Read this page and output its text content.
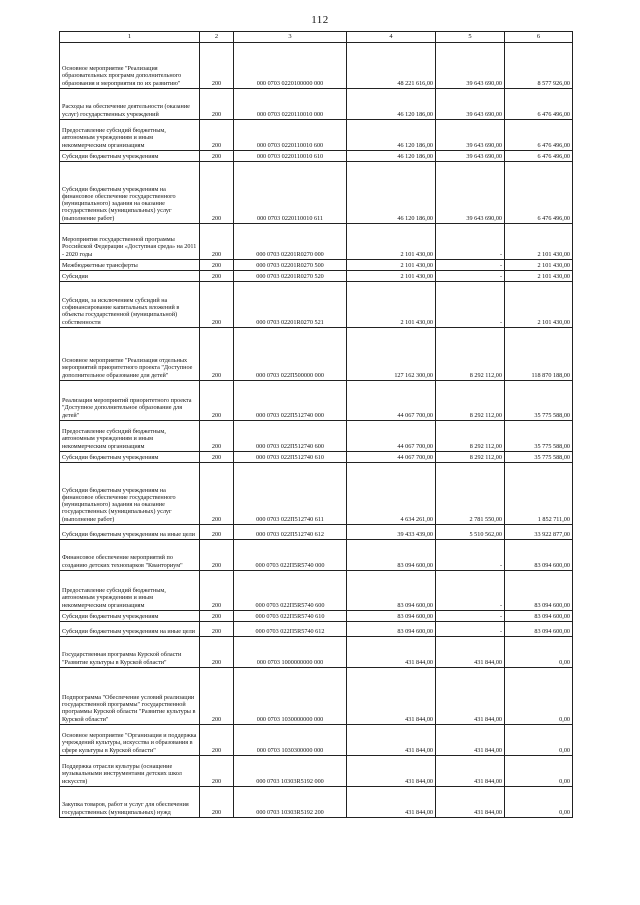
112
1	2	3	4	5	6
Основное мероприятие "Реализация образовательных программ дополнительного образования и мероприятия по их развитию"	200	000 0703 0220100000 000	48 221 616,00	39 643 690,00	8 577 926,00
Расходы на обеспечение деятельности (оказание услуг) государственных учреждений	200	000 0703 0220110010 000	46 120 186,00	39 643 690,00	6 476 496,00
Предоставление субсидий бюджетным, автономным учреждениям и иным некоммерческим организациям	200	000 0703 0220110010 600	46 120 186,00	39 643 690,00	6 476 496,00
Субсидии бюджетным учреждениям	200	000 0703 0220110010 610	46 120 186,00	39 643 690,00	6 476 496,00
Субсидии бюджетным учреждениям на финансовое обеспечение государственного (муниципального) задания на оказание государственных (муниципальных) услуг (выполнение работ)	200	000 0703 0220110010 611	46 120 186,00	39 643 690,00	6 476 496,00
Мероприятия государственной программы Российской Федерации «Доступная среда» на 2011 - 2020 годы	200	000 0703 02201R0270 000	2 101 430,00	-	2 101 430,00
Межбюджетные трансферты	200	000 0703 02201R0270 500	2 101 430,00	-	2 101 430,00
Субсидии	200	000 0703 02201R0270 520	2 101 430,00	-	2 101 430,00
Субсидии, за исключением субсидий на софинансирование капитальных вложений в объекты государственной (муниципальной) собственности	200	000 0703 02201R0270 521	2 101 430,00	-	2 101 430,00
Основное мероприятие "Реализация отдельных мероприятий приоритетного проекта "Доступное дополнительное образование для детей"	200	000 0703 022П500000 000	127 162 300,00	8 292 112,00	118 870 188,00
Реализация мероприятий приоритетного проекта "Доступное дополнительное образование для детей"	200	000 0703 022П512740 000	44 067 700,00	8 292 112,00	35 775 588,00
Предоставление субсидий бюджетным, автономным учреждениям и иным некоммерческим организациям	200	000 0703 022П512740 600	44 067 700,00	8 292 112,00	35 775 588,00
Субсидии бюджетным учреждениям	200	000 0703 022П512740 610	44 067 700,00	8 292 112,00	35 775 588,00
Субсидии бюджетным учреждениям на финансовое обеспечение государственного (муниципального) задания на оказание государственных (муниципальных) услуг (выполнение работ)	200	000 0703 022П512740 611	4 634 261,00	2 781 550,00	1 852 711,00
Субсидии бюджетным учреждениям на иные цели	200	000 0703 022П512740 612	39 433 439,00	5 510 562,00	33 922 877,00
Финансовое обеспечение мероприятий по созданию детских технопарков "Кванториум"	200	000 0703 022П5R5740 000	83 094 600,00	-	83 094 600,00
Предоставление субсидий бюджетным, автономным учреждениям и иным некоммерческим организациям	200	000 0703 022П5R5740 600	83 094 600,00	-	83 094 600,00
Субсидии бюджетным учреждениям	200	000 0703 022П5R5740 610	83 094 600,00	-	83 094 600,00
Субсидии бюджетным учреждениям на иные цели	200	000 0703 022П5R5740 612	83 094 600,00	-	83 094 600,00
Государственная программа Курской области "Развитие культуры в Курской области"	200	000 0703 1000000000 000	431 844,00	431 844,00	0,00
Подпрограмма "Обеспечение условий реализации государственной программы" государственной программы Курской области "Развитие культуры в Курской области"	200	000 0703 1030000000 000	431 844,00	431 844,00	0,00
Основное мероприятие "Организация и поддержка учреждений культуры, искусства и образования в сфере культуры в Курской области"	200	000 0703 1030300000 000	431 844,00	431 844,00	0,00
Поддержка отрасли культуры (оснащение музыкальными инструментами детских школ искусств)	200	000 0703 10303R5192 000	431 844,00	431 844,00	0,00
Закупка товаров, работ и услуг для обеспечения государственных (муниципальных) нужд	200	000 0703 10303R5192 200	431 844,00	431 844,00	0,00
